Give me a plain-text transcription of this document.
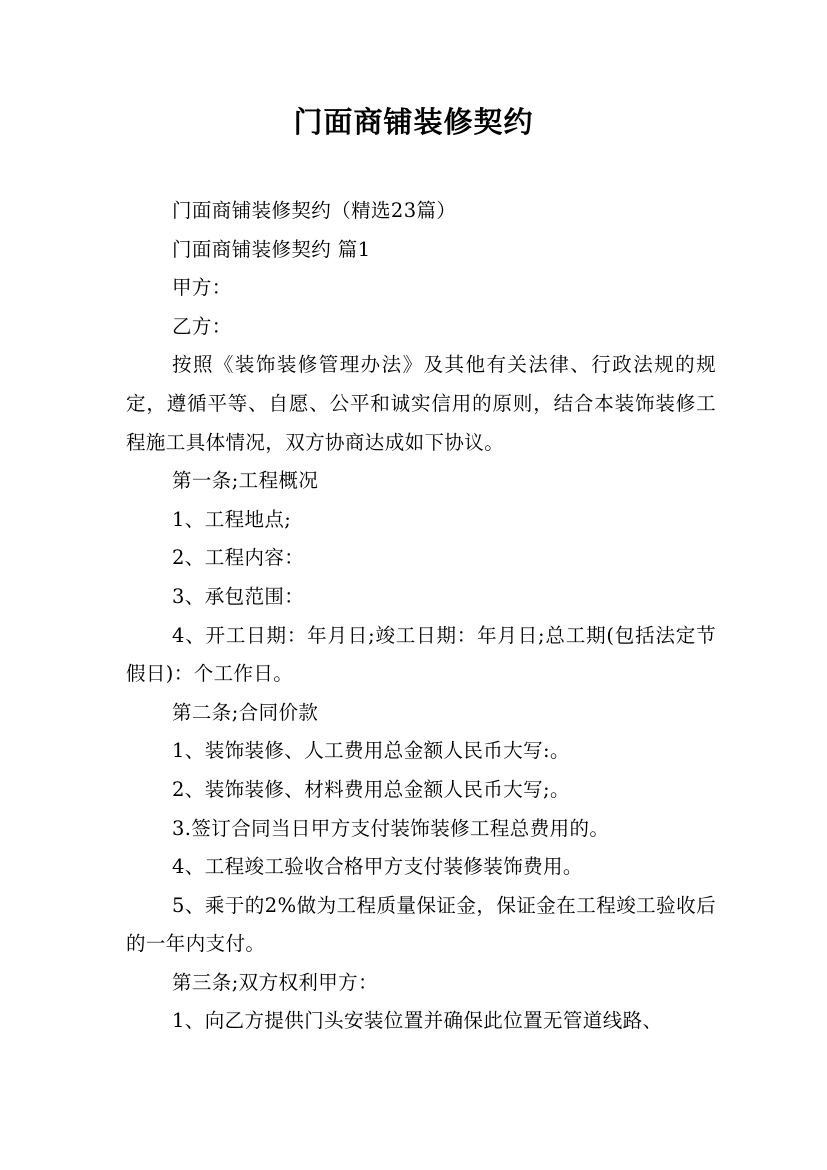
门面商铺装修契约

门面商铺装修契约（精选23篇）

门面商铺装修契约 篇1

甲方：

乙方：

按照《装饰装修管理办法》及其他有关法律、行政法规的规定，遵循平等、自愿、公平和诚实信用的原则，结合本装饰装修工程施工具体情况，双方协商达成如下协议。

第一条;工程概况

1、工程地点;

2、工程内容：

3、承包范围：

4、开工日期：年月日;竣工日期：年月日;总工期(包括法定节假日)：个工作日。

第二条;合同价款

1、装饰装修、人工费用总金额人民币大写:。

2、装饰装修、材料费用总金额人民币大写;。

3.签订合同当日甲方支付装饰装修工程总费用的。

4、工程竣工验收合格甲方支付装修装饰费用。

5、乘于的2%做为工程质量保证金，保证金在工程竣工验收后的一年内支付。

第三条;双方权利甲方：

1、向乙方提供门头安装位置并确保此位置无管道线路、
